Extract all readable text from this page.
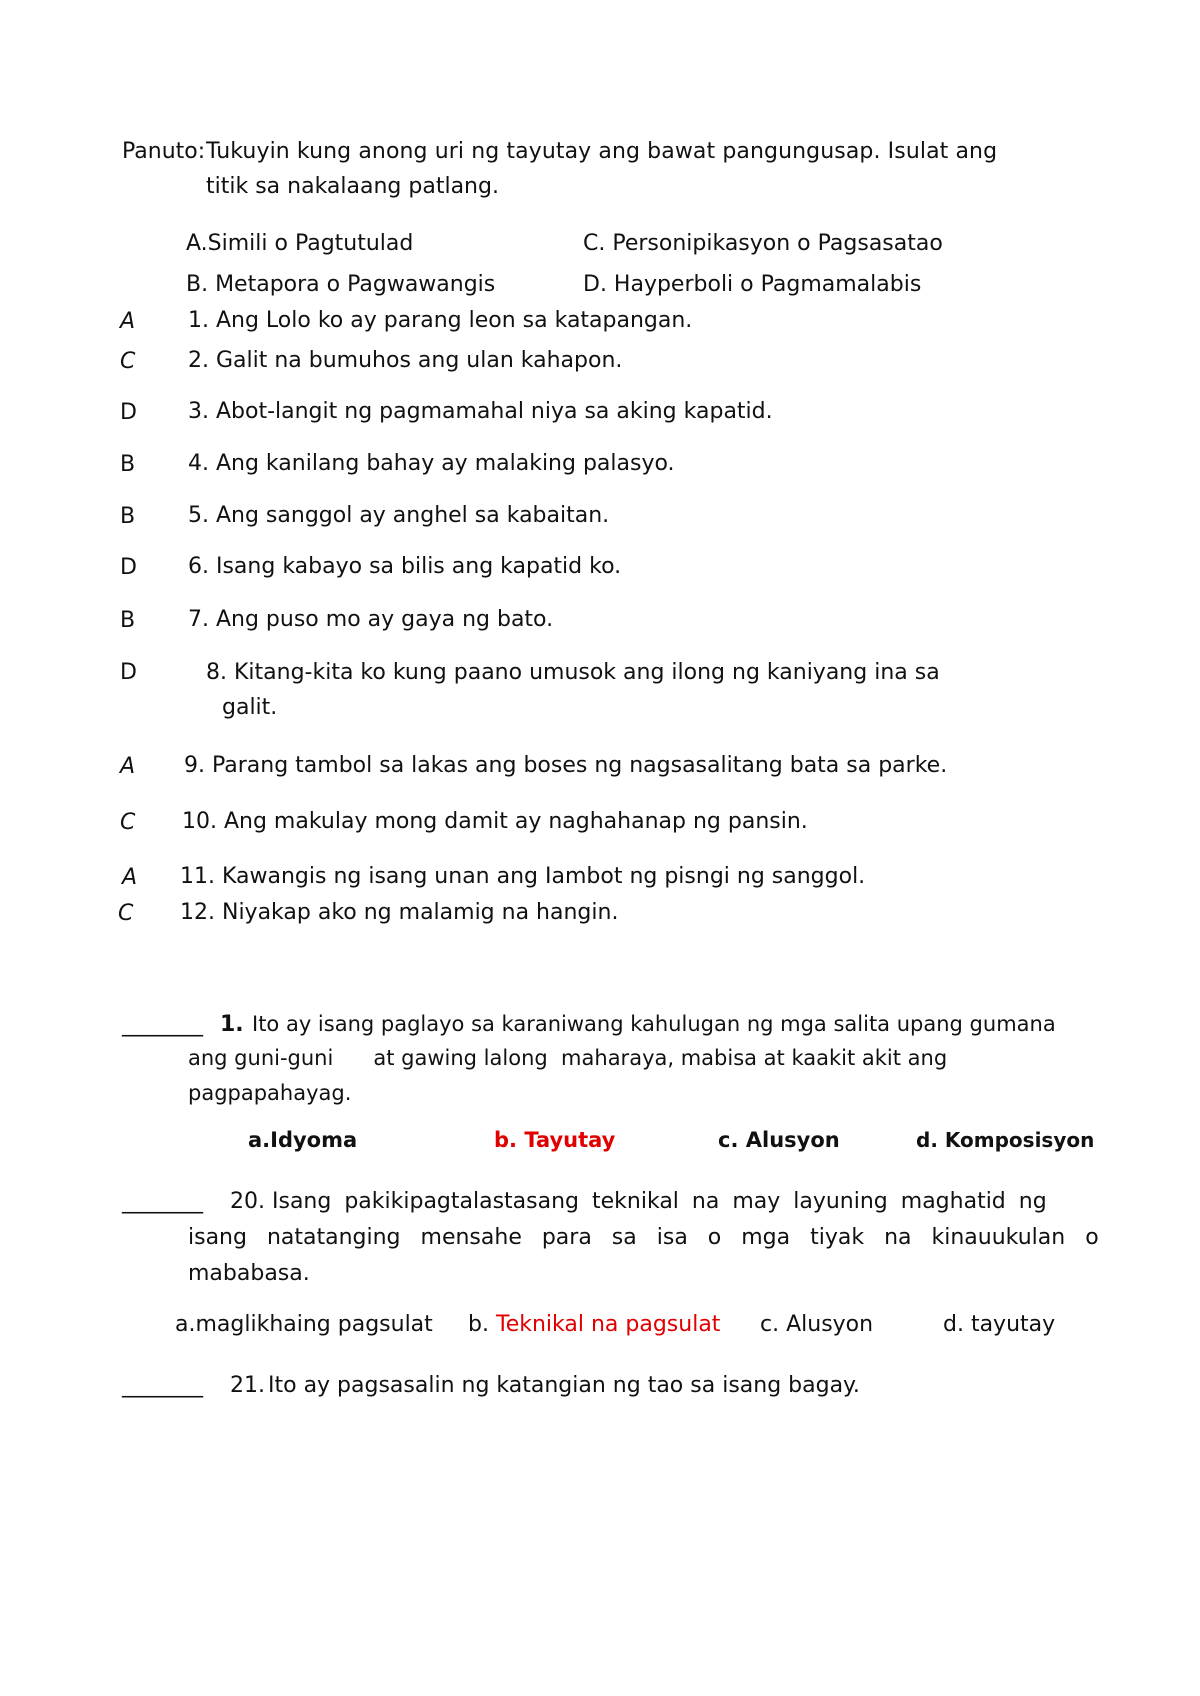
Panuto: Tukuyin kung anong uri ng tayutay ang bawat pangungusap. Isulat ang
titik sa nakalaang patlang.
A.Simili o Pagtutulad	C. Personipikasyon o Pagsasatao
B. Metapora o Pagwawangis	D. Hayperboli o Pagmamalabis
A 1. Ang Lolo ko ay parang leon sa katapangan.
C 2. Galit na bumuhos ang ulan kahapon.
D 3. Abot-langit ng pagmamahal niya sa aking kapatid.
B 4. Ang kanilang bahay ay malaking palasyo.
B 5. Ang sanggol ay anghel sa kabaitan.
D 6. Isang kabayo sa bilis ang kapatid ko.
B 7. Ang puso mo ay gaya ng bato.
D	8. Kitang-kita ko kung paano umusok ang ilong ng kaniyang ina sa
galit.
A 9. Parang tambol sa lakas ang boses ng nagsasalitang bata sa parke.
C 10. Ang makulay mong damit ay naghahanap ng pansin.
A 11. Kawangis ng isang unan ang Iambot ng pisngi ng sanggol.
C 12. Niyakap ako ng malamig na hangin.
________ 1. Ito ay isang paglayo sa karaniwang kahulugan ng mga salita upang gumana
ang guni-guni      at gawing lalong  maharaya, mabisa at kaakit akit ang
pagpapahayag.
a.Idyoma	b. Tayutay	c. Alusyon	d. Komposisyon
________ 20. Isang pakikipagtalastasang teknikal na may layuning maghatid ng
isang natatanging mensahe para sa isa o mga tiyak na kinauukulan o
mababasa.
a.maglikhaing pagsulat b. Teknikal na pagsulat c. Alusyon	d. tayutay
________ 21. Ito ay pagsasalin ng katangian ng tao sa isang bagay.
